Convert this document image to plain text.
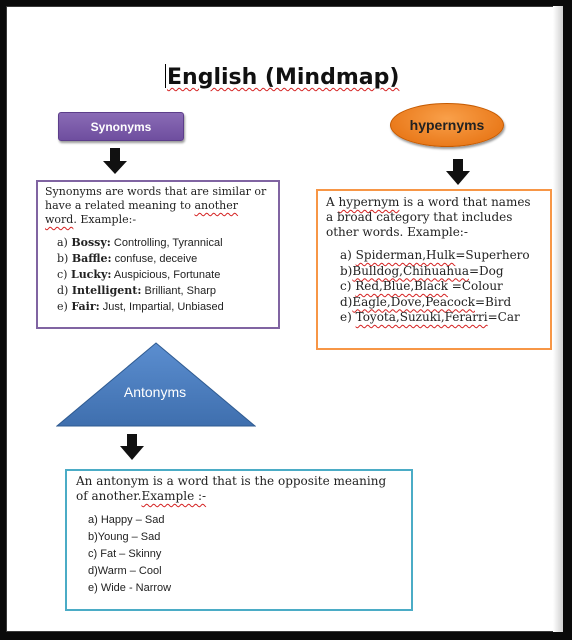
English (Mindmap)
Synonyms
Synonyms are words that are similar or
have a related meaning to another
word. Example:-
a) Bossy: Controlling, Tyrannical
b) Baffle: confuse, deceive
c) Lucky: Auspicious, Fortunate
d) Intelligent: Brilliant, Sharp
e) Fair: Just, Impartial, Unbiased
hypernyms
A hypernym is a word that names
a broad category that includes
other words. Example:-
a) Spiderman,Hulk=Superhero
b)Bulldog,Chihuahua=Dog
c) Red,Blue,Black =Colour
d)Eagle,Dove,Peacock=Bird
e) Toyota,Suzuki,Ferarri=Car
Antonyms
An antonym is a word that is the opposite meaning
of another.Example :-
a) Happy – Sad
b)Young – Sad
c) Fat – Skinny
d)Warm – Cool
e) Wide - Narrow
